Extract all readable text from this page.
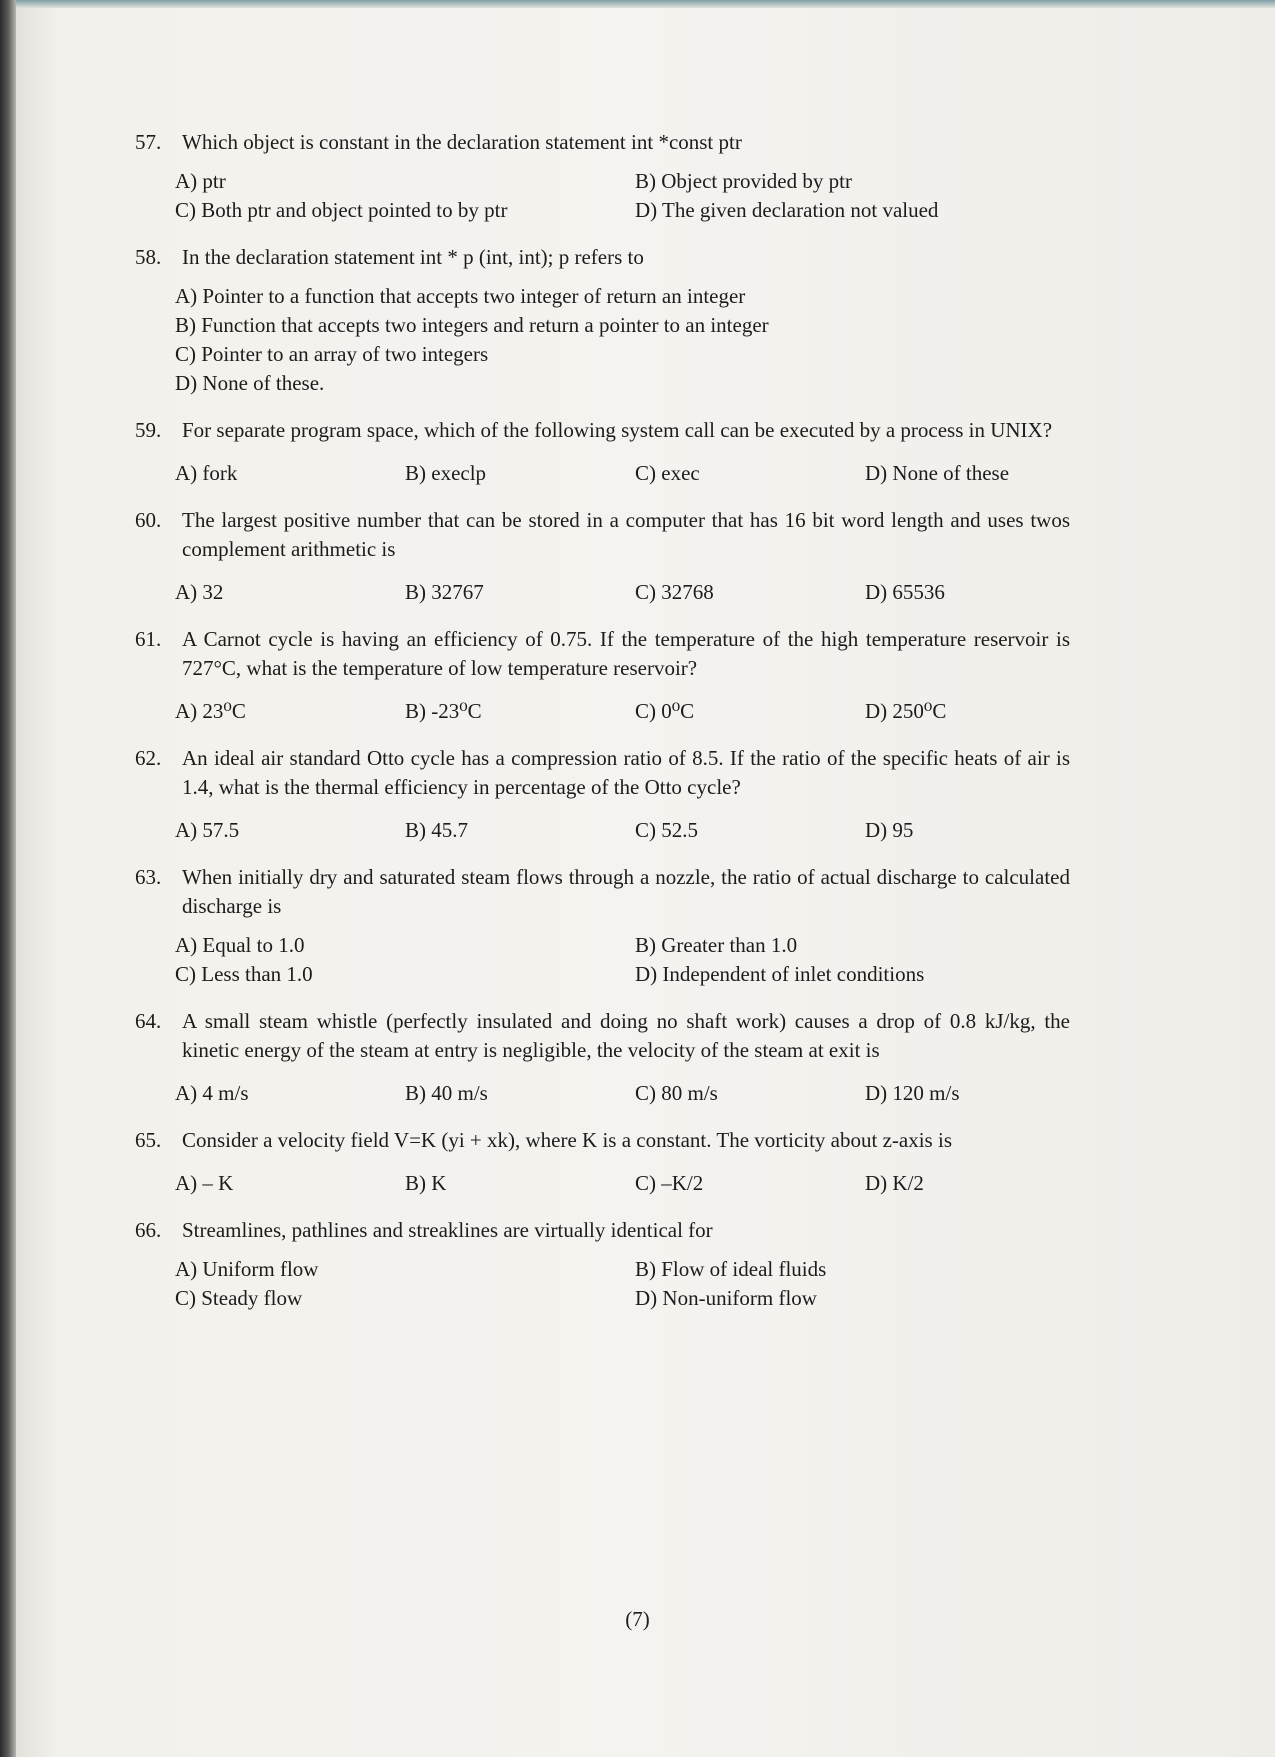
57. Which object is constant in the declaration statement int *const ptr
A) ptr	B) Object provided by ptr
C) Both ptr and object pointed to by ptr	D) The given declaration not valued
58. In the declaration statement int * p (int, int); p refers to
A) Pointer to a function that accepts two integer of return an integer
B) Function that accepts two integers and return a pointer to an integer
C) Pointer to an array of two integers
D) None of these.
59. For separate program space, which of the following system call can be executed by a process in UNIX?
A) fork	B) execlp	C) exec	D) None of these
60. The largest positive number that can be stored in a computer that has 16 bit word length and uses twos complement arithmetic is
A) 32	B) 32767	C) 32768	D) 65536
61. A Carnot cycle is having an efficiency of 0.75. If the temperature of the high temperature reservoir is 727°C, what is the temperature of low temperature reservoir?
A) 23⁰C	B) -23⁰C	C) 0⁰C	D) 250⁰C
62. An ideal air standard Otto cycle has a compression ratio of 8.5. If the ratio of the specific heats of air is 1.4, what is the thermal efficiency in percentage of the Otto cycle?
A) 57.5	B) 45.7	C) 52.5	D) 95
63. When initially dry and saturated steam flows through a nozzle, the ratio of actual discharge to calculated discharge is
A) Equal to 1.0	B) Greater than 1.0
C) Less than 1.0	D) Independent of inlet conditions
64. A small steam whistle (perfectly insulated and doing no shaft work) causes a drop of 0.8 kJ/kg, the kinetic energy of the steam at entry is negligible, the velocity of the steam at exit is
A) 4 m/s	B) 40 m/s	C) 80 m/s	D) 120 m/s
65. Consider a velocity field V=K (yi + xk), where K is a constant. The vorticity about z-axis is
A) – K	B) K	C) –K/2	D) K/2
66. Streamlines, pathlines and streaklines are virtually identical for
A) Uniform flow	B) Flow of ideal fluids
C) Steady flow	D) Non-uniform flow
(7)
